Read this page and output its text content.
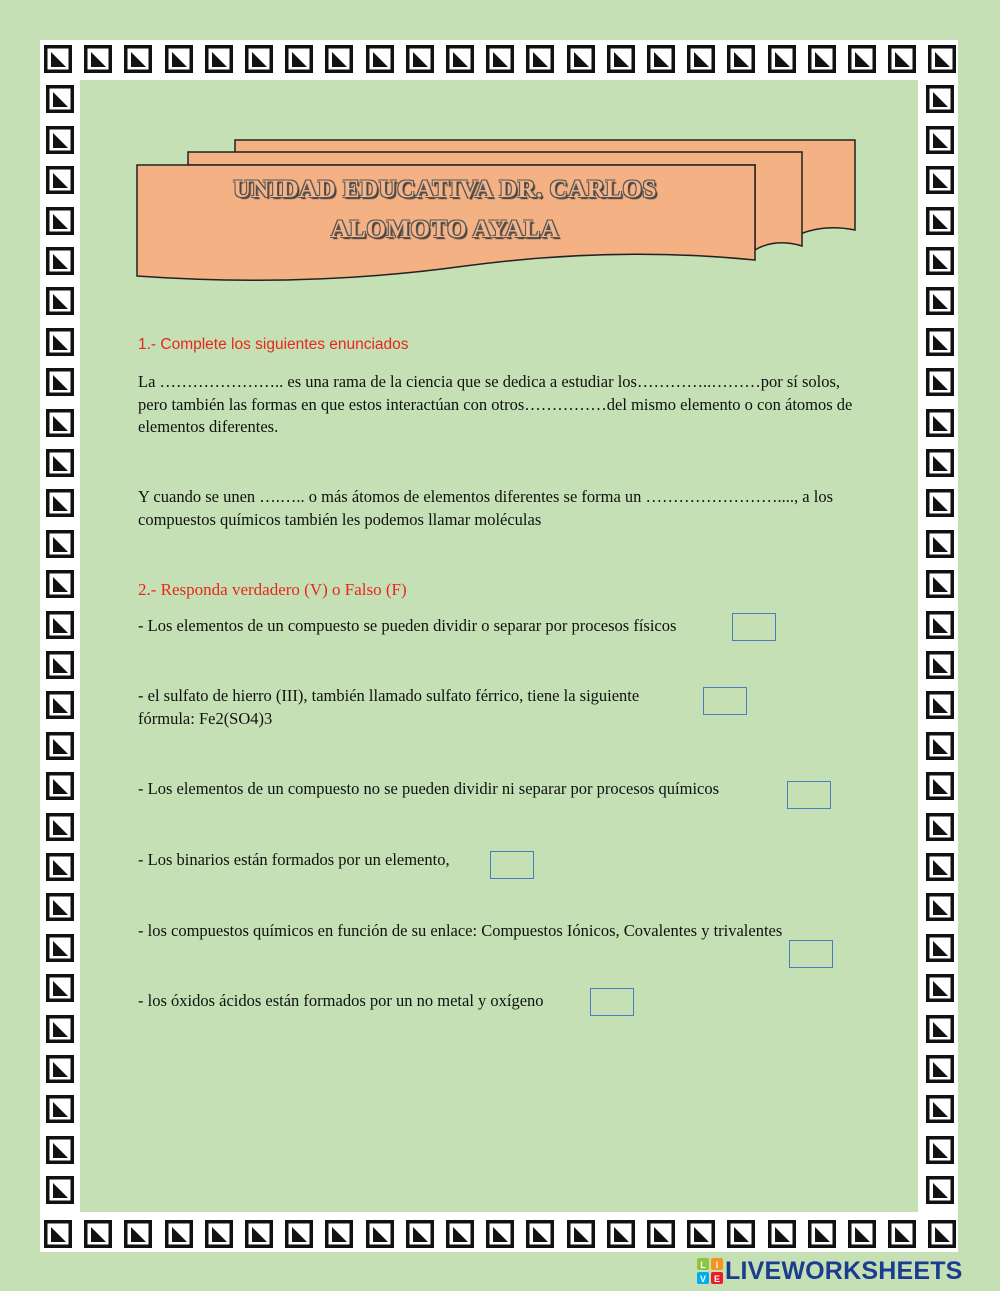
UNIDAD EDUCATIVA DR. CARLOS
ALOMOTO AYALA
1.- Complete los siguientes enunciados
La ………………….. es una rama de la ciencia que se dedica a estudiar los…………..………por sí solos, pero también las formas en que estos interactúan con otros……………del mismo elemento o con átomos de elementos diferentes.
Y cuando se unen ….….. o más átomos de elementos diferentes se forma un ……………………...., a los compuestos químicos también les podemos llamar moléculas
2.- Responda verdadero (V) o Falso (F)
- Los elementos de un compuesto se pueden dividir o separar por procesos físicos
- el sulfato de hierro (III), también llamado sulfato férrico, tiene la siguiente
fórmula: Fe2(SO4)3
- Los elementos de un compuesto no se pueden dividir ni separar por procesos químicos
- Los binarios están formados por un elemento,
- los compuestos químicos en función de su enlace: Compuestos Iónicos, Covalentes y trivalentes
- los óxidos ácidos están formados por un no metal y oxígeno
L I
V E LIVEWORKSHEETS
